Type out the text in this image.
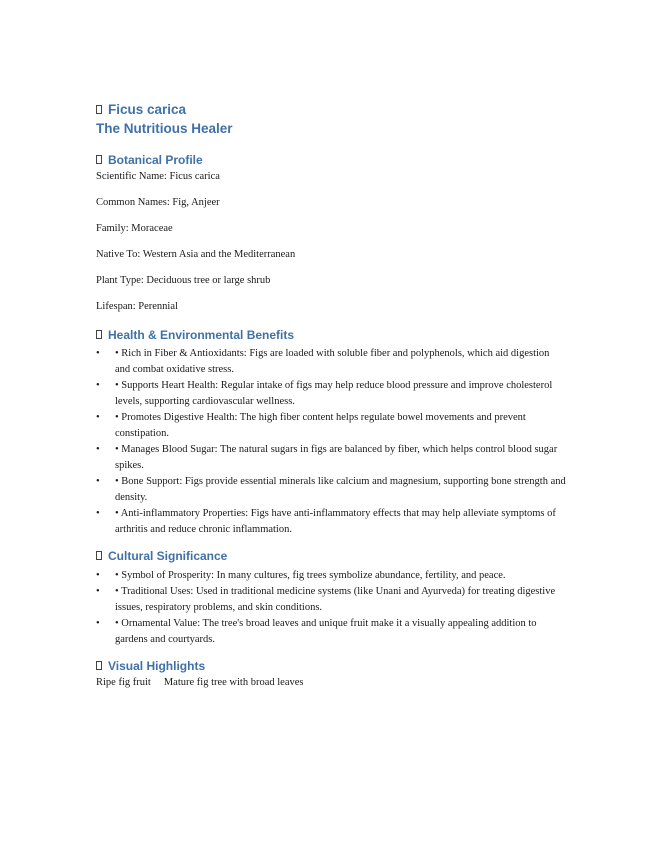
Ficus carica
The Nutritious Healer
Botanical Profile

Scientific Name: Ficus carica

Common Names: Fig, Anjeer

Family: Moraceae

Native To: Western Asia and the Mediterranean

Plant Type: Deciduous tree or large shrub

Lifespan: Perennial

Health & Environmental Benefits
• • Rich in Fiber & Antioxidants: Figs are loaded with soluble fiber and polyphenols, which aid digestion and combat oxidative stress.
• • Supports Heart Health: Regular intake of figs may help reduce blood pressure and improve cholesterol levels, supporting cardiovascular wellness.
• • Promotes Digestive Health: The high fiber content helps regulate bowel movements and prevent constipation.
• • Manages Blood Sugar: The natural sugars in figs are balanced by fiber, which helps control blood sugar spikes.
• • Bone Support: Figs provide essential minerals like calcium and magnesium, supporting bone strength and density.
• • Anti-inflammatory Properties: Figs have anti-inflammatory effects that may help alleviate symptoms of arthritis and reduce chronic inflammation.
Cultural Significance
• • Symbol of Prosperity: In many cultures, fig trees symbolize abundance, fertility, and peace.
• • Traditional Uses: Used in traditional medicine systems (like Unani and Ayurveda) for treating digestive issues, respiratory problems, and skin conditions.
• • Ornamental Value: The tree's broad leaves and unique fruit make it a visually appealing addition to gardens and courtyards.
Visual Highlights
Ripe fig fruit Mature fig tree with broad leaves
